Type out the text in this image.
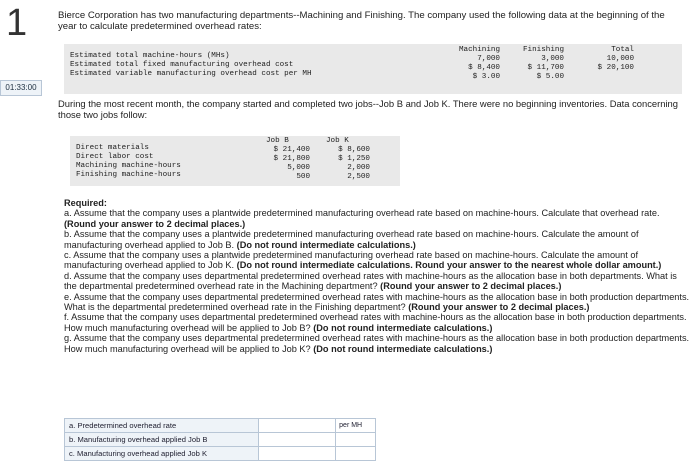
1
01:33:00
Bierce Corporation has two manufacturing departments--Machining and Finishing. The company used the following data at the beginning of the year to calculate predetermined overhead rates:
Estimated total machine-hours (MHs)
Estimated total fixed manufacturing overhead cost
Estimated variable manufacturing overhead cost per MH
Machining
7,000
$ 8,400
$ 3.00
Finishing
3,000
$ 11,700
$ 5.00
Total
10,000
$ 20,100
During the most recent month, the company started and completed two jobs--Job B and Job K. There were no beginning inventories. Data concerning those two jobs follow:
Direct materials
Direct labor cost
Machining machine-hours
Finishing machine-hours
Job B
$ 21,400
$ 21,800
5,000
500
Job K
$ 8,600
$ 1,250
2,000
2,500
Required:

a. Assume that the company uses a plantwide predetermined manufacturing overhead rate based on machine-hours. Calculate that overhead rate. (Round your answer to 2 decimal places.)

b. Assume that the company uses a plantwide predetermined manufacturing overhead rate based on machine-hours. Calculate the amount of manufacturing overhead applied to Job B. (Do not round intermediate calculations.)

c. Assume that the company uses a plantwide predetermined manufacturing overhead rate based on machine-hours. Calculate the amount of manufacturing overhead applied to Job K. (Do not round intermediate calculations. Round your answer to the nearest whole dollar amount.)

d. Assume that the company uses departmental predetermined overhead rates with machine-hours as the allocation base in both departments. What is the departmental predetermined overhead rate in the Machining department? (Round your answer to 2 decimal places.)

e. Assume that the company uses departmental predetermined overhead rates with machine-hours as the allocation base in both production departments. What is the departmental predetermined overhead rate in the Finishing department? (Round your answer to 2 decimal places.)

f. Assume that the company uses departmental predetermined overhead rates with machine-hours as the allocation base in both production departments. How much manufacturing overhead will be applied to Job B? (Do not round intermediate calculations.)

g. Assume that the company uses departmental predetermined overhead rates with machine-hours as the allocation base in both production departments. How much manufacturing overhead will be applied to Job K? (Do not round intermediate calculations.)

a. Predetermined overhead rate	per MH
b. Manufacturing overhead applied Job B
c. Manufacturing overhead applied Job K
